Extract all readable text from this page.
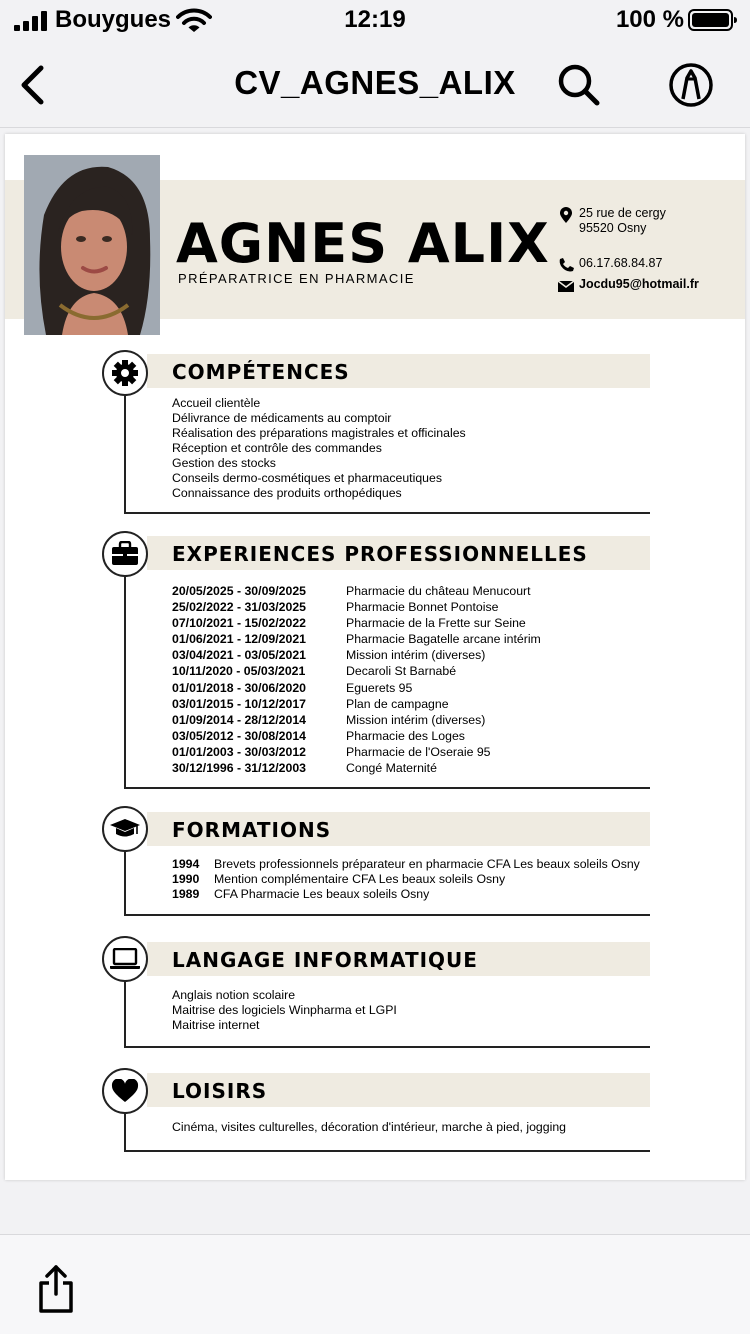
Bouygues	12:19	100 %
CV_AGNES_ALIX
AGNES ALIX
PRÉPARATRICE EN PHARMACIE
25 rue de cergy
95520 Osny
06.17.68.84.87
Jocdu95@hotmail.fr
COMPÉTENCES
Accueil clientèle
Délivrance de médicaments au comptoir
Réalisation des préparations magistrales et officinales
Réception et contrôle des commandes
Gestion des stocks
Conseils dermo-cosmétiques et pharmaceutiques
Connaissance des produits orthopédiques
EXPERIENCES PROFESSIONNELLES
20/05/2025 - 30/09/2025	Pharmacie du château Menucourt
25/02/2022 - 31/03/2025	Pharmacie Bonnet Pontoise
07/10/2021 - 15/02/2022	Pharmacie de la Frette sur Seine
01/06/2021 - 12/09/2021	Pharmacie Bagatelle arcane intérim
03/04/2021 - 03/05/2021	Mission intérim (diverses)
10/11/2020 - 05/03/2021	Decaroli St Barnabé
01/01/2018 - 30/06/2020	Eguerets 95
03/01/2015 - 10/12/2017	Plan de campagne
01/09/2014 - 28/12/2014	Mission intérim (diverses)
03/05/2012 - 30/08/2014	Pharmacie des Loges
01/01/2003 - 30/03/2012	Pharmacie de l'Oseraie 95
30/12/1996 - 31/12/2003	Congé Maternité
FORMATIONS
1994	Brevets professionnels préparateur en pharmacie CFA Les beaux soleils Osny
1990	Mention complémentaire CFA Les beaux soleils Osny
1989	CFA Pharmacie Les beaux soleils Osny
LANGAGE INFORMATIQUE
Anglais notion scolaire
Maitrise des logiciels Winpharma et LGPI
Maitrise internet
LOISIRS
Cinéma, visites culturelles, décoration d'intérieur, marche à pied, jogging
